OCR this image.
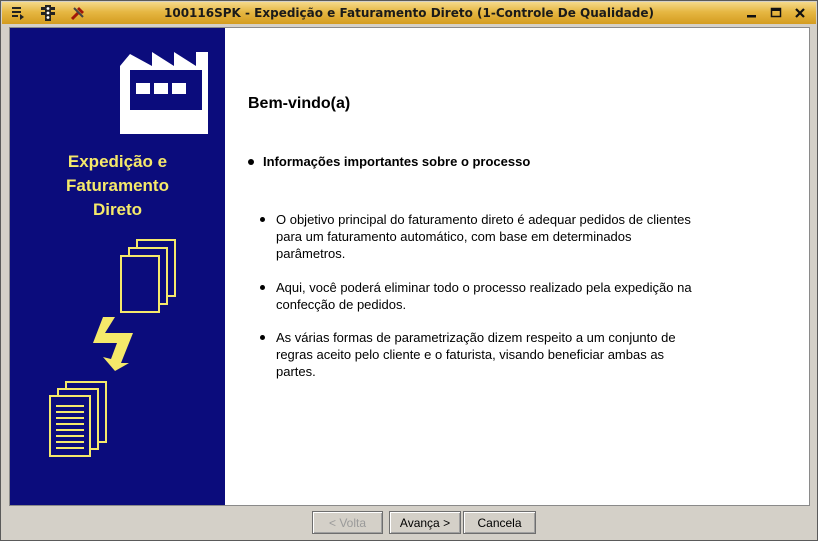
100116SPK - Expedição e Faturamento Direto (1-Controle De Qualidade)
Expedição e
Faturamento
Direto
Bem-vindo(a)
Informações importantes sobre o processo
O objetivo principal do faturamento direto é adequar pedidos de clientes para um faturamento automático, com base em determinados parâmetros.
Aqui, você poderá eliminar todo o processo realizado pela expedição na confecção de pedidos.
As várias formas de parametrização dizem respeito a um conjunto de regras aceito pelo cliente e o faturista, visando beneficiar ambas as partes.
< Volta	Avança >	Cancela
